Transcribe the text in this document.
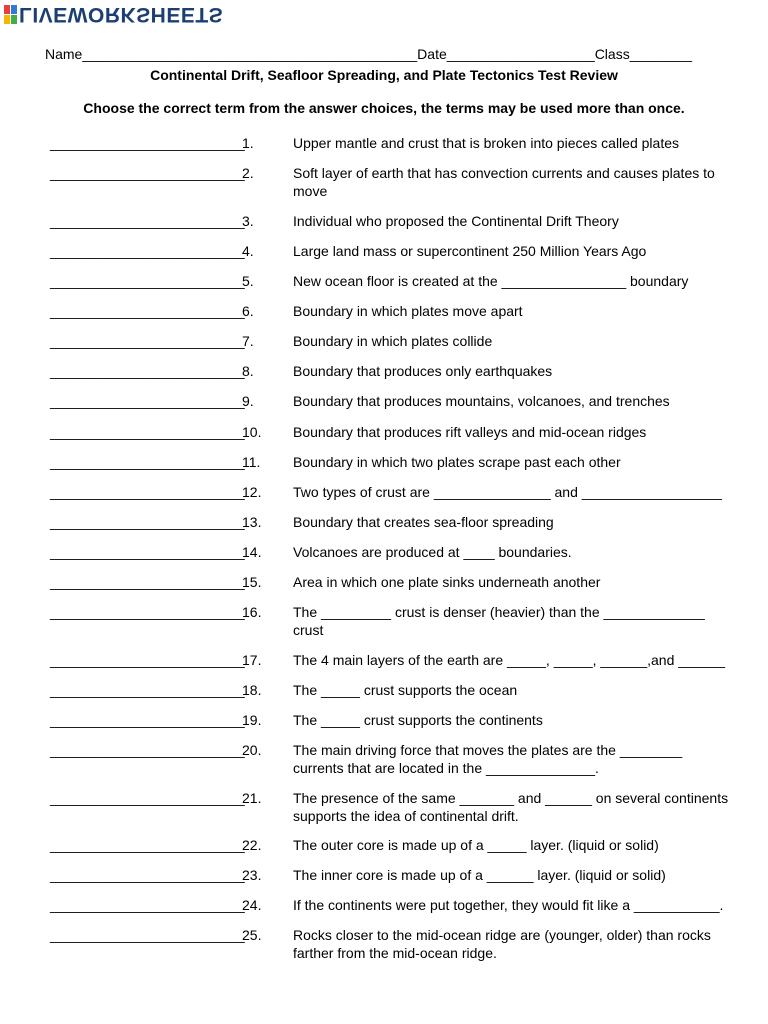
LIVEWORKSHEETS
Name___________________________________________Date___________________Class________
Continental Drift, Seafloor Spreading, and Plate Tectonics Test Review
Choose the correct term from the answer choices, the terms may be used more than once.
_________________________
1.	Upper mantle and crust that is broken into pieces called plates
_________________________
2.	Soft layer of earth that has convection currents and causes plates to move
_________________________
3.	Individual who proposed the Continental Drift Theory
_________________________
4.	Large land mass or supercontinent 250 Million Years Ago
_________________________
5.	New ocean floor is created at the ________________ boundary
_________________________
6.	Boundary in which plates move apart
_________________________
7.	Boundary in which plates collide
_________________________
8.	Boundary that produces only earthquakes
_________________________
9.	Boundary that produces mountains, volcanoes, and trenches
_________________________
10. Boundary that produces rift valleys and mid-ocean ridges
_________________________
11. Boundary in which two plates scrape past each other
_________________________
12. Two types of crust are _______________ and __________________
_________________________
13. Boundary that creates sea-floor spreading
_________________________
14. Volcanoes are produced at ____ boundaries.
_________________________
15. Area in which one plate sinks underneath another
_________________________
16. The _________ crust is denser (heavier) than the _____________ crust
_________________________
17. The 4 main layers of the earth are _____, _____, ______,and ______
_________________________
18. The _____ crust supports the ocean
_________________________
19. The _____ crust supports the continents
_________________________
20. The main driving force that moves the plates are the ________ currents that are located in the ______________.
_________________________
21. The presence of the same _______ and ______ on several continents supports the idea of continental drift.
_________________________
22. The outer core is made up of a _____ layer. (liquid or solid)
_________________________
23. The inner core is made up of a ______ layer. (liquid or solid)
_________________________
24. If the continents were put together, they would fit like a ___________.
_________________________
25. Rocks closer to the mid-ocean ridge are (younger, older) than rocks farther from the mid-ocean ridge.
